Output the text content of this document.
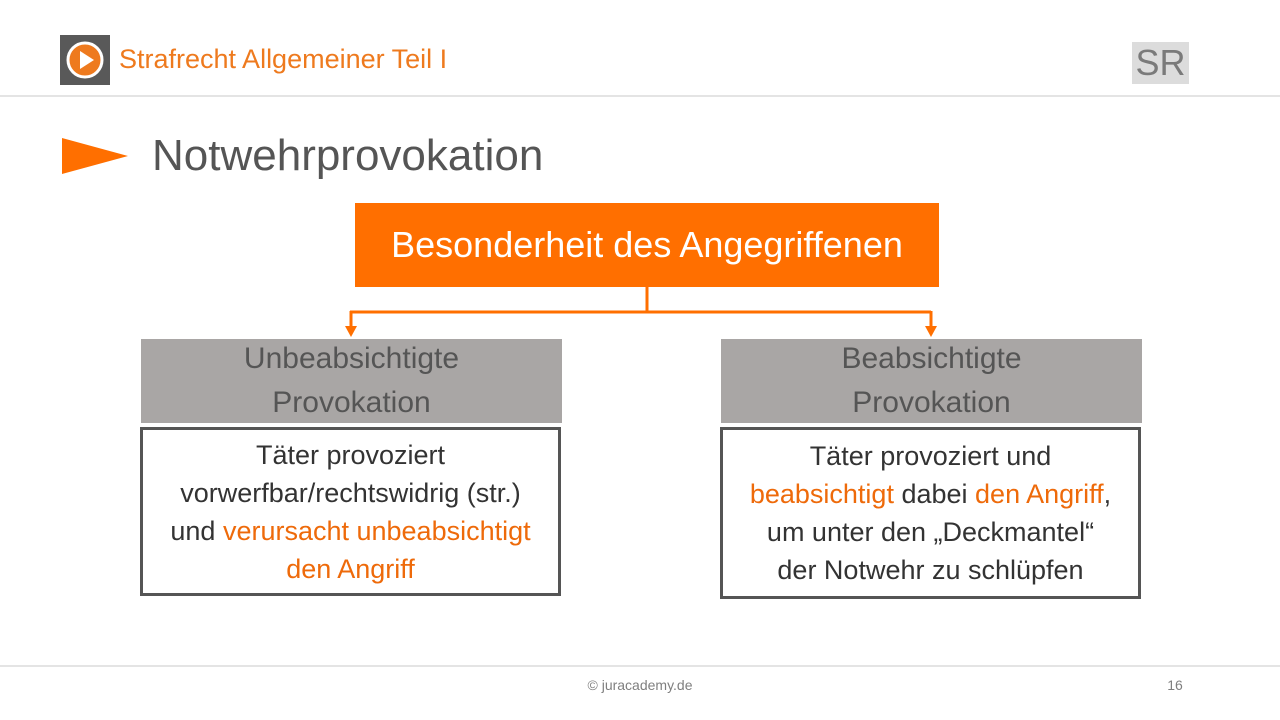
Strafrecht Allgemeiner Teil I	SR
Notwehrprovokation
Besonderheit des Angegriffenen
Unbeabsichtigte
Provokation
Beabsichtigte
Provokation
Täter provoziert
vorwerfbar/rechtswidrig (str.)
und verursacht unbeabsichtigt
den Angriff
Täter provoziert und
beabsichtigt dabei den Angriff,
um unter den „Deckmantel“
der Notwehr zu schlüpfen
© juracademy.de	16
